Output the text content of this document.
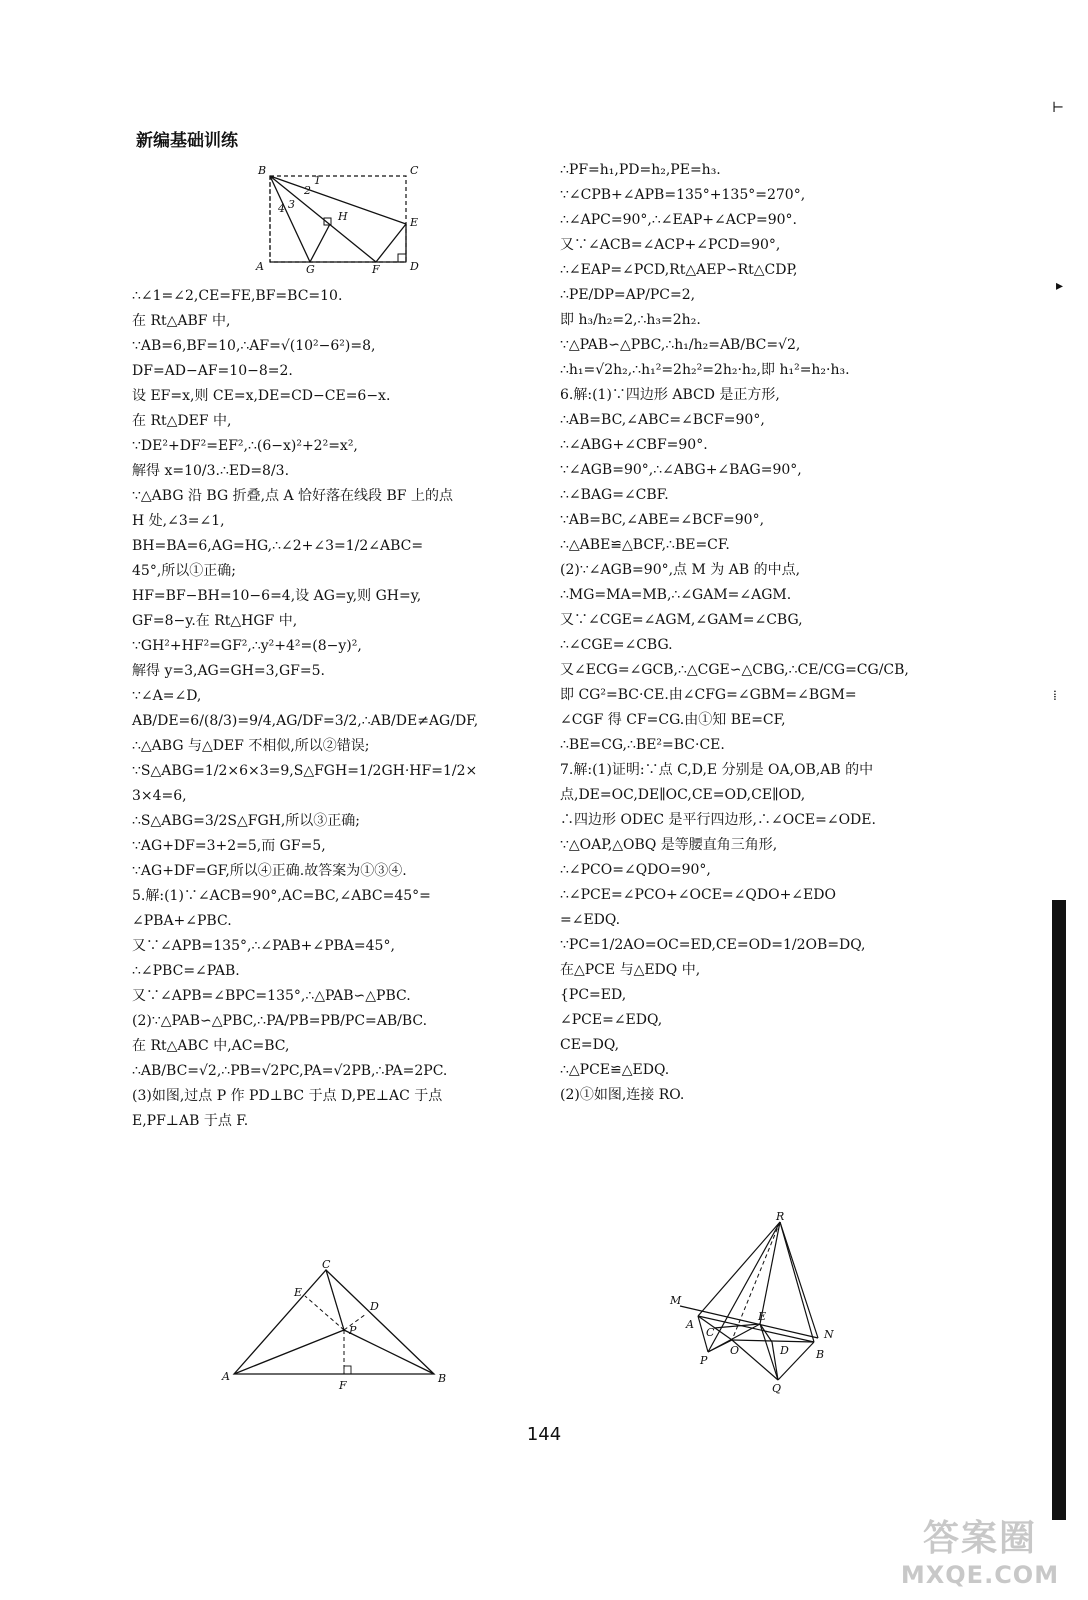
新编基础训练
B	C
1
2
4 3
H	E
A	G	F	D
∴∠1=∠2,CE=FE,BF=BC=10.
在 Rt△ABF 中,
∵AB=6,BF=10,∴AF=√(10²−6²)=8,
DF=AD−AF=10−8=2.
设 EF=x,则 CE=x,DE=CD−CE=6−x.
在 Rt△DEF 中,
∵DE²+DF²=EF²,∴(6−x)²+2²=x²,
解得 x=10/3.∴ED=8/3.
∵△ABG 沿 BG 折叠,点 A 恰好落在线段 BF 上的点
H 处,∠3=∠1,
BH=BA=6,AG=HG,∴∠2+∠3=1/2∠ABC=
45°,所以①正确;
HF=BF−BH=10−6=4,设 AG=y,则 GH=y,
GF=8−y.在 Rt△HGF 中,
∵GH²+HF²=GF²,∴y²+4²=(8−y)²,
解得 y=3,AG=GH=3,GF=5.
∵∠A=∠D,
AB/DE=6/(8/3)=9/4,AG/DF=3/2,∴AB/DE≠AG/DF,
∴△ABG 与△DEF 不相似,所以②错误;
∵S△ABG=1/2×6×3=9,S△FGH=1/2GH·HF=1/2×
3×4=6,
∴S△ABG=3/2S△FGH,所以③正确;
∵AG+DF=3+2=5,而 GF=5,
∵AG+DF=GF,所以④正确.故答案为①③④.
5.解:(1)∵∠ACB=90°,AC=BC,∠ABC=45°=
∠PBA+∠PBC.
又∵∠APB=135°,∴∠PAB+∠PBA=45°,
∴∠PBC=∠PAB.
又∵∠APB=∠BPC=135°,∴△PAB∽△PBC.
(2)∵△PAB∽△PBC,∴PA/PB=PB/PC=AB/BC.
在 Rt△ABC 中,AC=BC,
∴AB/BC=√2,∴PB=√2PC,PA=√2PB,∴PA=2PC.
(3)如图,过点 P 作 PD⊥BC 于点 D,PE⊥AC 于点
E,PF⊥AB 于点 F.
C
E
D
P
A
F
B
∴PF=h₁,PD=h₂,PE=h₃.
∵∠CPB+∠APB=135°+135°=270°,
∴∠APC=90°,∴∠EAP+∠ACP=90°.
又∵∠ACB=∠ACP+∠PCD=90°,
∴∠EAP=∠PCD,Rt△AEP∽Rt△CDP,
∴PE/DP=AP/PC=2,
即 h₃/h₂=2,∴h₃=2h₂.
∵△PAB∽△PBC,∴h₁/h₂=AB/BC=√2,
∴h₁=√2h₂,∴h₁²=2h₂²=2h₂·h₂,即 h₁²=h₂·h₃.
6.解:(1)∵四边形 ABCD 是正方形,
∴AB=BC,∠ABC=∠BCF=90°,
∴∠ABG+∠CBF=90°.
∵∠AGB=90°,∴∠ABG+∠BAG=90°,
∴∠BAG=∠CBF.
∵AB=BC,∠ABE=∠BCF=90°,
∴△ABE≌△BCF,∴BE=CF.
(2)∵∠AGB=90°,点 M 为 AB 的中点,
∴MG=MA=MB,∴∠GAM=∠AGM.
又∵∠CGE=∠AGM,∠GAM=∠CBG,
∴∠CGE=∠CBG.
又∠ECG=∠GCB,∴△CGE∽△CBG,∴CE/CG=CG/CB,
即 CG²=BC·CE.由∠CFG=∠GBM=∠BGM=
∠CGF 得 CF=CG.由①知 BE=CF,
∴BE=CG,∴BE²=BC·CE.
7.解:(1)证明:∵点 C,D,E 分别是 OA,OB,AB 的中
点,DE=OC,DE∥OC,CE=OD,CE∥OD,
∴四边形 ODEC 是平行四边形,∴∠OCE=∠ODE.
∵△OAP,△OBQ 是等腰直角三角形,
∴∠PCO=∠QDO=90°,
∴∠PCE=∠PCO+∠OCE=∠QDO+∠EDO
=∠EDQ.
∵PC=1/2AO=OC=ED,CE=OD=1/2OB=DQ,
在△PCE 与△EDQ 中,
{PC=ED,
∠PCE=∠EDQ,
CE=DQ,
∴△PCE≌△EDQ.
(2)①如图,连接 RO.
R
M
E
A
C
O	D
N
P	B
Q
144
⊢
▸
⁞
答案圈
MXQE.COM
